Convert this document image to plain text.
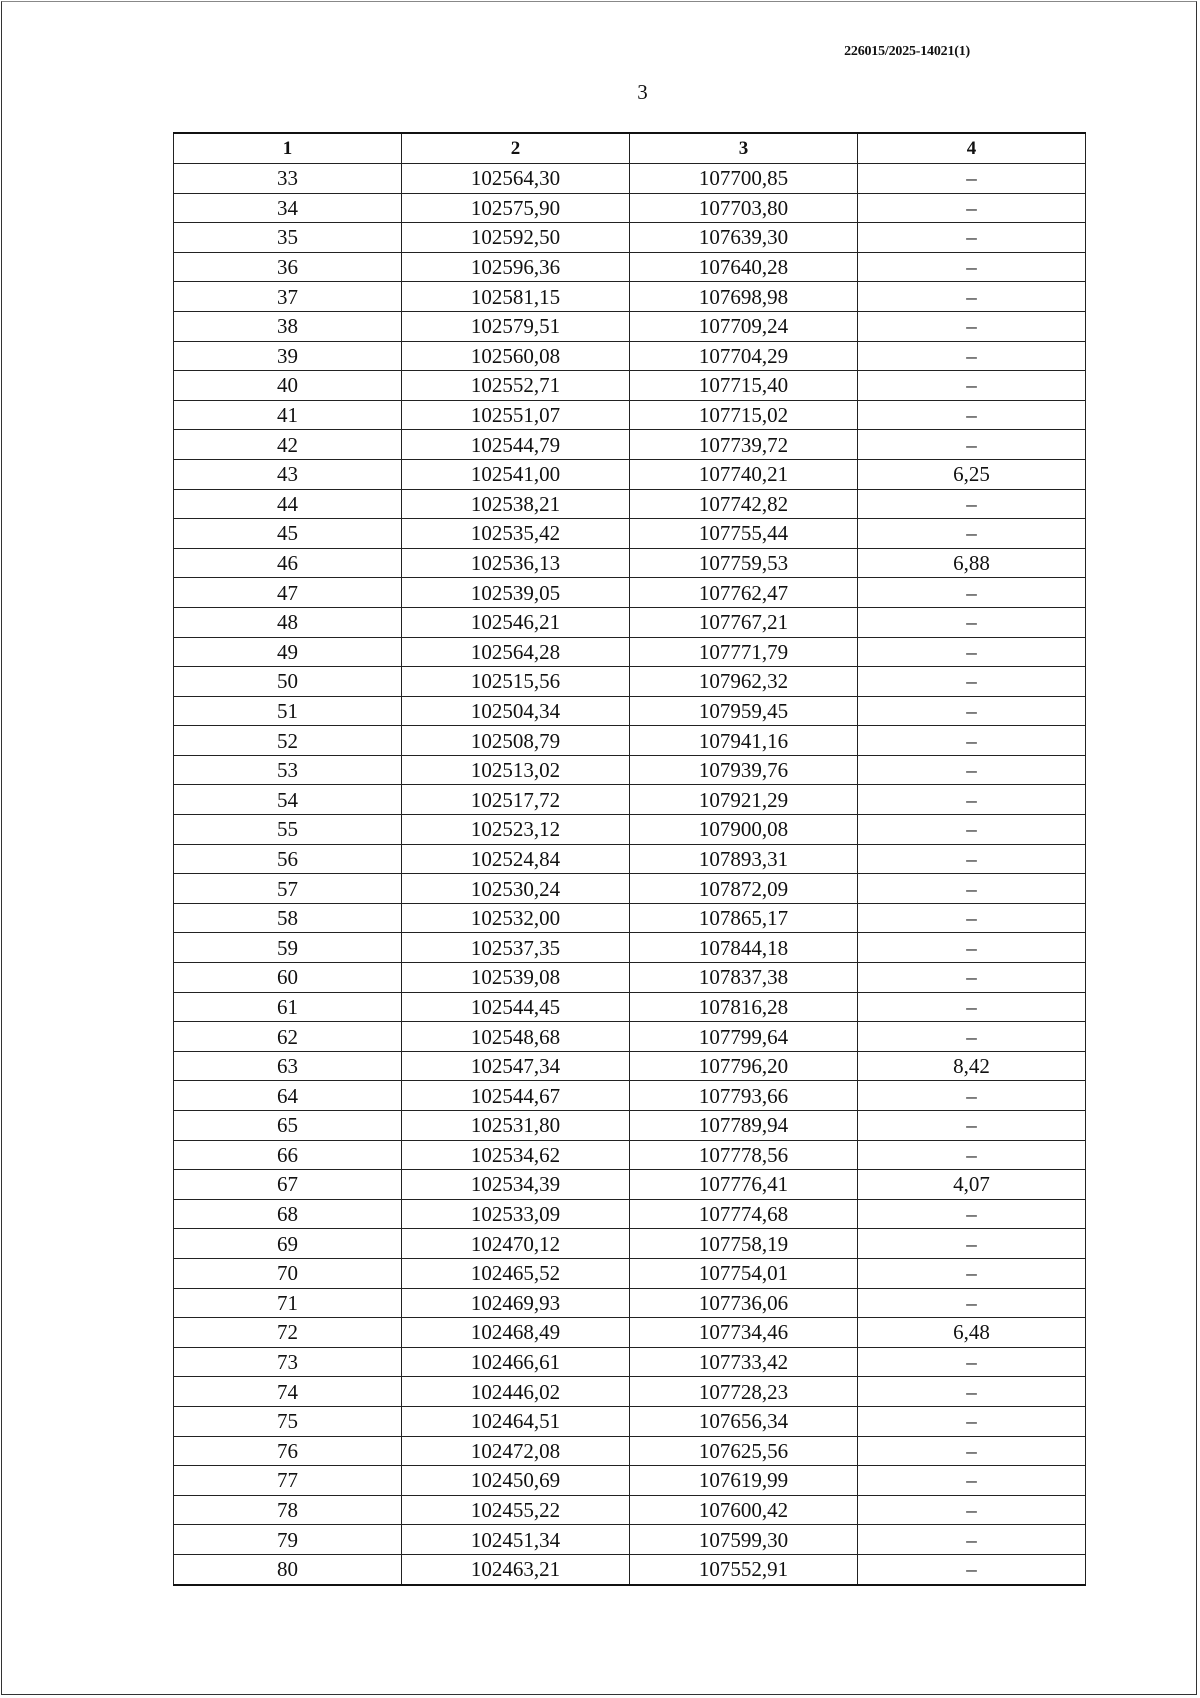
226015/2025-14021(1)
3
1	2	3	4
33	102564,30	107700,85	–
34	102575,90	107703,80	–
35	102592,50	107639,30	–
36	102596,36	107640,28	–
37	102581,15	107698,98	–
38	102579,51	107709,24	–
39	102560,08	107704,29	–
40	102552,71	107715,40	–
41	102551,07	107715,02	–
42	102544,79	107739,72	–
43	102541,00	107740,21	6,25
44	102538,21	107742,82	–
45	102535,42	107755,44	–
46	102536,13	107759,53	6,88
47	102539,05	107762,47	–
48	102546,21	107767,21	–
49	102564,28	107771,79	–
50	102515,56	107962,32	–
51	102504,34	107959,45	–
52	102508,79	107941,16	–
53	102513,02	107939,76	–
54	102517,72	107921,29	–
55	102523,12	107900,08	–
56	102524,84	107893,31	–
57	102530,24	107872,09	–
58	102532,00	107865,17	–
59	102537,35	107844,18	–
60	102539,08	107837,38	–
61	102544,45	107816,28	–
62	102548,68	107799,64	–
63	102547,34	107796,20	8,42
64	102544,67	107793,66	–
65	102531,80	107789,94	–
66	102534,62	107778,56	–
67	102534,39	107776,41	4,07
68	102533,09	107774,68	–
69	102470,12	107758,19	–
70	102465,52	107754,01	–
71	102469,93	107736,06	–
72	102468,49	107734,46	6,48
73	102466,61	107733,42	–
74	102446,02	107728,23	–
75	102464,51	107656,34	–
76	102472,08	107625,56	–
77	102450,69	107619,99	–
78	102455,22	107600,42	–
79	102451,34	107599,30	–
80	102463,21	107552,91	–
